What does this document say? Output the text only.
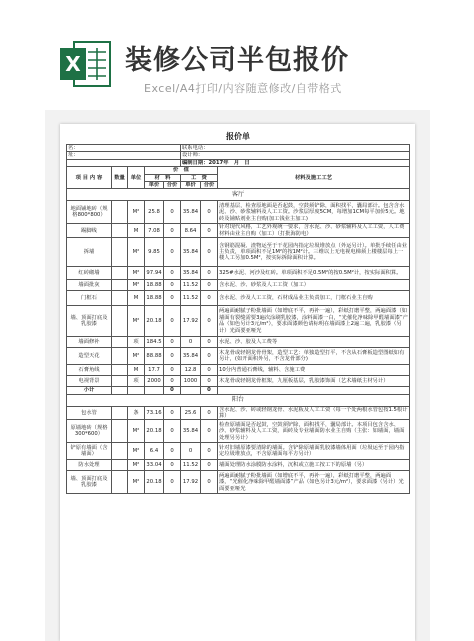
X 装修公司半包报价
Excel/A4打印/内容随意修改/自带格式
报价单							
名：					联系电话：		
址：					设计师：		
					编制日期：2017年　月　日		
项 目 内 容	数量	单位	价　值				材料及施工工艺
			材　料		工　资		
			单价	合价	单价	合价	
客厅							
地面铺地砖（规格800*800）		M²	25.8	0	35.84	0	清理基层，检查原地面是否起鼓，空鼓须铲除，面积找平，囊局部计。包含含水泥、沙、砂浆辅料及人工工资。沙浆层厚度5CM，每增加1CM每平加价5元。地砖及铺贴剂业主自购(加工钱业主加工)
踢脚线		M	7.08	0	8.64	0	针对现代风格，工艺外观统一要求，含水泥、沙、砂浆辅料及人工工资，人工费材料由业主自购（加工）（打批海防电）
拆墙		M²	9.85	0	35.84	0	含钢筋混凝、渣物运至于干花园内指定垃圾堆放点（外运另计）。单批手续任由业主负责，单项面积不足1M²的按1M²计。三维以上无电视电梯须上楼楼层每上一楼人工另加0.5M²，按实际拆除面积计算。
红砖砌墙		M²	97.94	0	35.84	0	325#水泥、河沙及红砖。单项面积不足0.5M²的按0.5M²计，按实际面积算。
墙面批灰		M²	18.88	0	11.52	0	含水泥、沙、砂浆及人工工资（加工）
门框石		M	18.88	0	11.52	0	含水泥、沙及人工工资，石材成品业主负责加工，门框石业主自购
墙、顶面打底及乳胶漆		M²	20.18	0	17.92	0	两遍面耐腻子粉批墙面（如增底不平，再补一遍），彩纸打磨平整，两遍面漆（如墙面有裂缝需要3遍次涂刷乳胶漆，涂料面漆一白，“光催化净味除甲醛墙面漆”产品（如色另计3元/m²），要求面漆颜色请标明在墙面漆上2遍二遍，乳胶漆（另计）光面要亚哑光
墙面修补		项	184.5	0	0	0	水泥、沙、胶及人工费等
造型天花		M²	88.88	0	35.84	0	木龙骨或轻钢龙骨骨架，造型工艺：单独造型打平，不含从石膏板造型图纸如有另计，(如开面积外另，不含龙骨部分)
石膏角线		M	17.7	0	12.8	0	10分内普通石膏线，辅料、含施工费
电视背景		项	2000	0	1000	0	木龙骨或轻钢龙骨框架，九厘板基层，乳胶漆饰面（艺术墙纸主材另计）
小计				0		0	
阳台							
包水管		条	73.16	0	25.6	0	含水泥、沙、砖或轻钢龙骨、水泥板及人工工资（每一个处两根水管包按1.5根计算）
原墙地砖（规格300*600）		M²	20.18	0	35.84	0	检查原墙面是否起鼓，空鼓须铲除，面积找平，囊局部计。本项目包含含水、沙、砂浆辅料及人工工资，面砖及专业墙面防水业主自购（主张：如墙面，墙面处理另另计）
铲原有墙面（含墙面）		M²	6.4	0	0	0	针对旧墙原漆要清除的墙面。含铲除原墙面乳胶漆墙体用面（垃圾运至于园内指定垃圾堆放点，不含原墙面每平方另计）
防水处理		M²	33.04	0	11.52	0	墙面处理防水涂膜防水涂料，沉积或立施工按工下的原墙（另）
墙、顶面打底及乳胶漆		M²	20.18	0	17.92	0	两遍面耐腻子粉批墙面（如增底不平，再补一遍），彩纸打磨平整，两遍面漆，“光催化净味除甲醛墙面漆”产品（如色另计3元/m²），要求面漆（另计）光面要亚哑光
